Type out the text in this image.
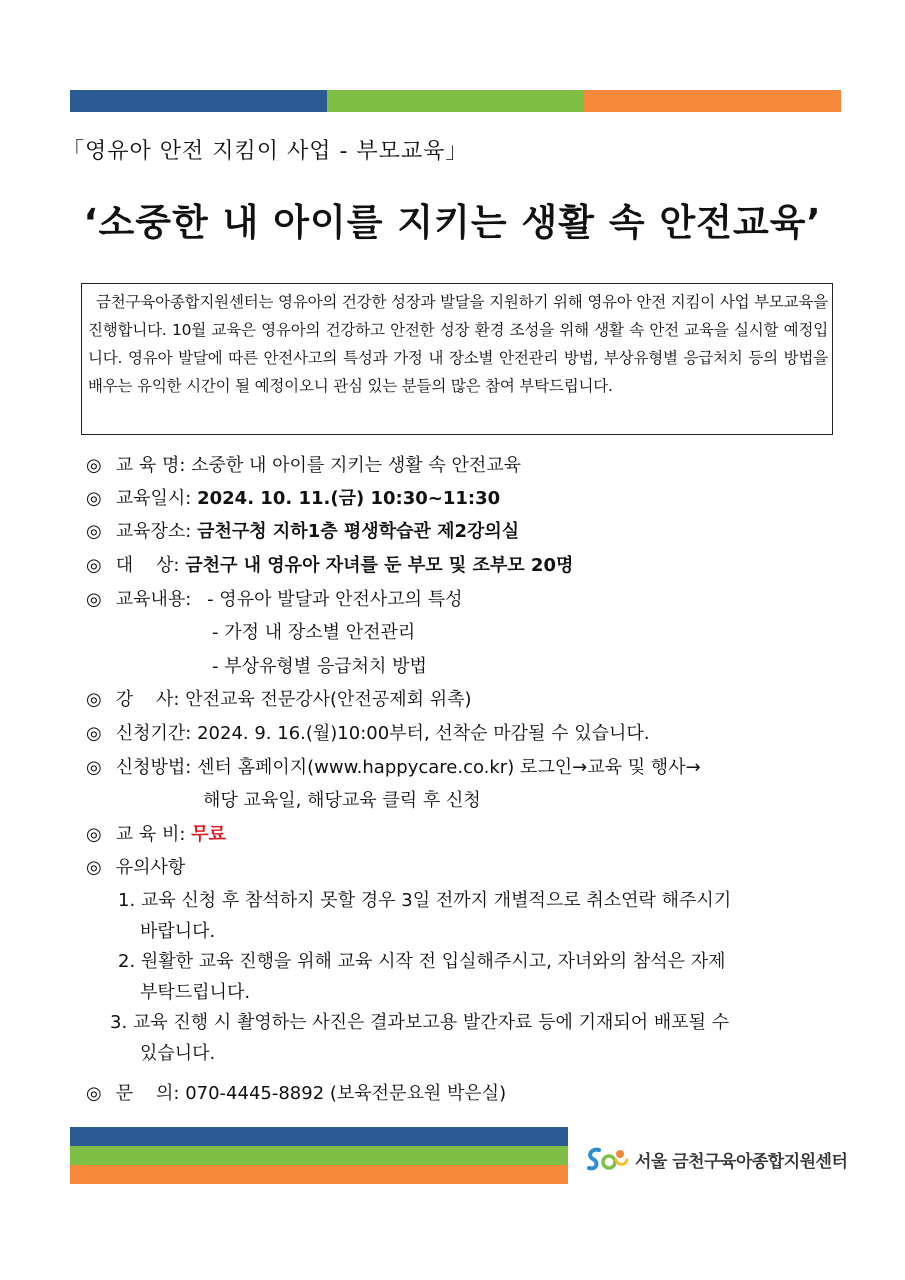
「영유아 안전 지킴이 사업 - 부모교육」
‘소중한 내 아이를 지키는 생활 속 안전교육’

금천구육아종합지원센터는 영유아의 건강한 성장과 발달을 지원하기 위해 영유아 안전 지킴이 사업 부모교육을 진행합니다. 10월 교육은 영유아의 건강하고 안전한 성장 환경 조성을 위해 생활 속 안전 교육을 실시할 예정입니다. 영유아 발달에 따른 안전사고의 특성과 가정 내 장소별 안전관리 방법, 부상유형별 응급처치 등의 방법을 배우는 유익한 시간이 될 예정이오니 관심 있는 분들의 많은 참여 부탁드립니다.

◎ 교 육 명: 소중한 내 아이를 지키는 생활 속 안전교육
◎ 교육일시: 2024. 10. 11.(금) 10:30~11:30
◎ 교육장소: 금천구청 지하1층 평생학습관 제2강의실
◎ 대    상: 금천구 내 영유아 자녀를 둔 부모 및 조부모 20명
◎ 교육내용: - 영유아 발달과 안전사고의 특성
- 가정 내 장소별 안전관리
- 부상유형별 응급처치 방법
◎ 강    사: 안전교육 전문강사(안전공제회 위촉)
◎ 신청기간: 2024. 9. 16.(월)10:00부터, 선착순 마감될 수 있습니다.
◎ 신청방법: 센터 홈페이지(www.happycare.co.kr) 로그인→교육 및 행사→
해당 교육일, 해당교육 클릭 후 신청
◎ 교 육 비: 무료
◎ 유의사항
1. 교육 신청 후 참석하지 못할 경우 3일 전까지 개별적으로 취소연락 해주시기
바랍니다.
2. 원활한 교육 진행을 위해 교육 시작 전 입실해주시고, 자녀와의 참석은 자제
부탁드립니다.
3. 교육 진행 시 촬영하는 사진은 결과보고용 발간자료 등에 기재되어 배포될 수
있습니다.
◎ 문    의: 070-4445-8892 (보육전문요원 박은실)
서울 금천구육아종합지원센터
